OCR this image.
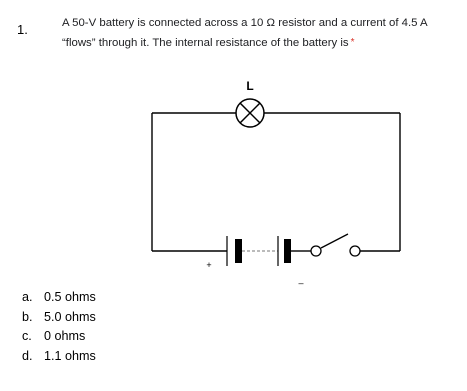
1.	A 50-V battery is connected across a 10 Ω resistor and a current of 4.5 A
“flows” through it. The internal resistance of the battery is *
L
+
–
a. 0.5 ohms
b. 5.0 ohms
c. 0 ohms
d. 1.1 ohms
